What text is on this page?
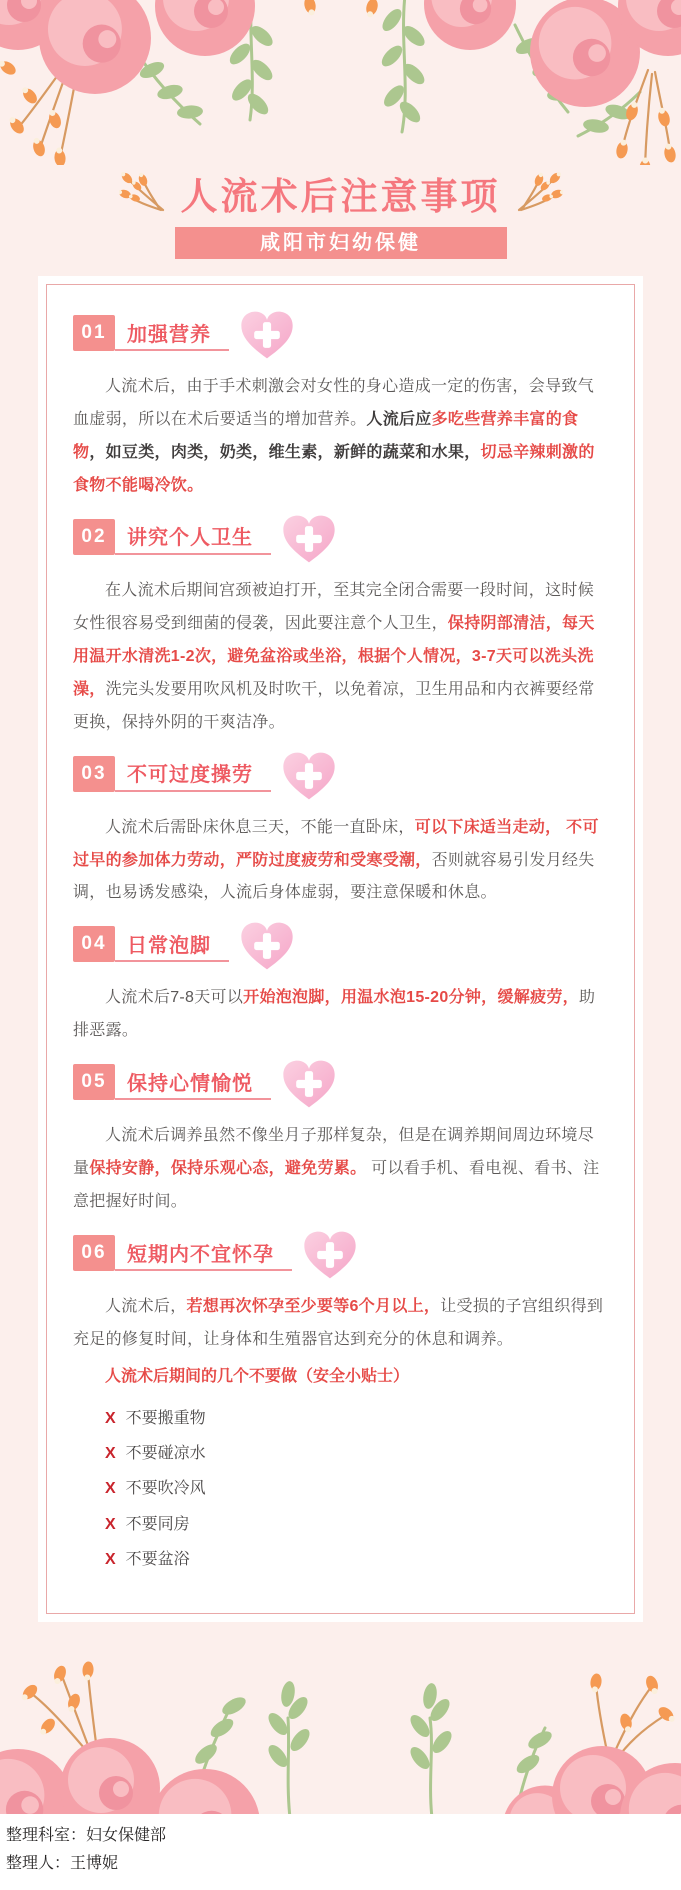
人流术后注意事项
咸阳市妇幼保健
01	加强营养

人流术后，由于手术刺激会对女性的身心造成一定的伤害，会导致气血虚弱，所以在术后要适当的增加营养。人流后应多吃些营养丰富的食物，如豆类，肉类，奶类，维生素，新鲜的蔬菜和水果，切忌辛辣刺激的食物不能喝冷饮。

02	讲究个人卫生

在人流术后期间宫颈被迫打开，至其完全闭合需要一段时间，这时候女性很容易受到细菌的侵袭，因此要注意个人卫生，保持阴部清洁，每天用温开水清洗1-2次，避免盆浴或坐浴，根据个人情况，3-7天可以洗头洗澡，洗完头发要用吹风机及时吹干，以免着凉，卫生用品和内衣裤要经常更换，保持外阴的干爽洁净。

03	不可过度操劳

人流术后需卧床休息三天，不能一直卧床，可以下床适当走动， 不可过早的参加体力劳动，严防过度疲劳和受寒受潮，否则就容易引发月经失调，也易诱发感染，人流后身体虚弱，要注意保暖和休息。

04	日常泡脚

人流术后7-8天可以开始泡泡脚，用温水泡15-20分钟，缓解疲劳，助排恶露。

05	保持心情愉悦

人流术后调养虽然不像坐月子那样复杂，但是在调养期间周边环境尽量保持安静，保持乐观心态，避免劳累。 可以看手机、看电视、看书、注意把握好时间。

06	短期内不宜怀孕

人流术后，若想再次怀孕至少要等6个月以上，让受损的子宫组织得到充足的修复时间，让身体和生殖器官达到充分的休息和调养。

人流术后期间的几个不要做（安全小贴士）
X 不要搬重物
X 不要碰凉水
X 不要吹冷风
X 不要同房
X 不要盆浴
整理科室：妇女保健部
整理人：王博妮
